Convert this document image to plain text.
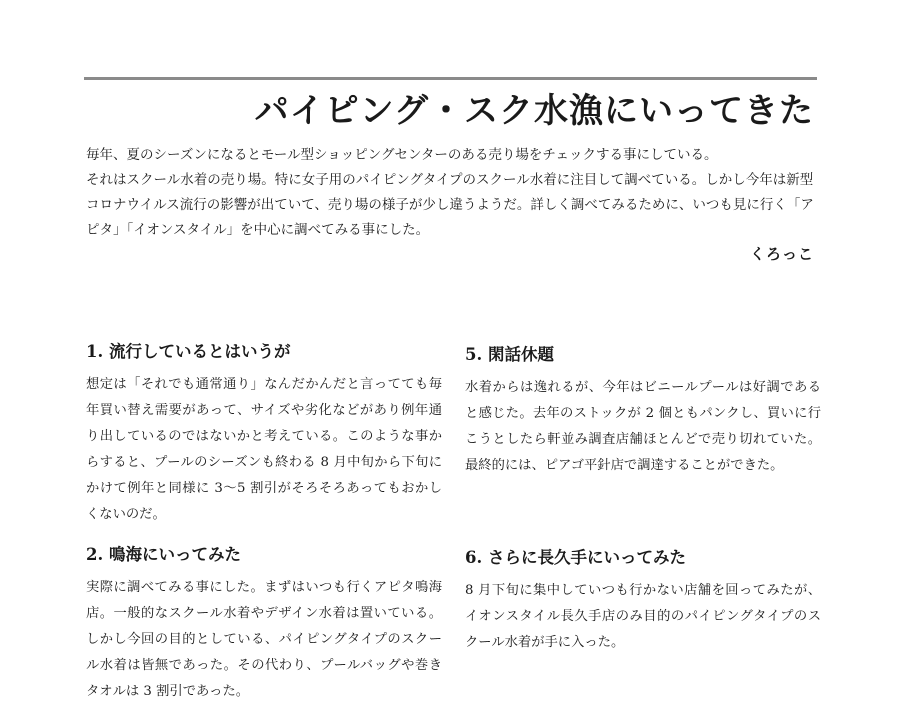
パイピング・スク水漁にいってきた

毎年、夏のシーズンになるとモール型ショッピングセンターのある売り場をチェックする事にしている。

それはスクール水着の売り場。特に女子用のパイピングタイプのスクール水着に注目して調べている。しかし今年は新型コロナウイルス流行の影響が出ていて、売り場の様子が少し違うようだ。詳しく調べてみるために、いつも見に行く「アピタ」「イオンスタイル」を中心に調べてみる事にした。

くろっこ
1. 流行しているとはいうが

想定は「それでも通常通り」なんだかんだと言ってても毎年買い替え需要があって、サイズや劣化などがあり例年通り出しているのではないかと考えている。このような事からすると、プールのシーズンも終わる 8 月中旬から下旬にかけて例年と同様に 3〜5 割引がそろそろあってもおかしくないのだ。

2. 鳴海にいってみた

実際に調べてみる事にした。まずはいつも行くアピタ鳴海店。一般的なスクール水着やデザイン水着は置いている。しかし今回の目的としている、パイピングタイプのスクール水着は皆無であった。その代わり、プールバッグや巻きタオルは 3 割引であった。

5. 閑話休題

水着からは逸れるが、今年はビニールプールは好調であると感じた。去年のストックが 2 個ともパンクし、買いに行こうとしたら軒並み調査店舗ほとんどで売り切れていた。最終的には、ピアゴ平針店で調達することができた。

6. さらに長久手にいってみた

8 月下旬に集中していつも行かない店舗を回ってみたが、イオンスタイル長久手店のみ目的のパイピングタイプのスクール水着が手に入った。
